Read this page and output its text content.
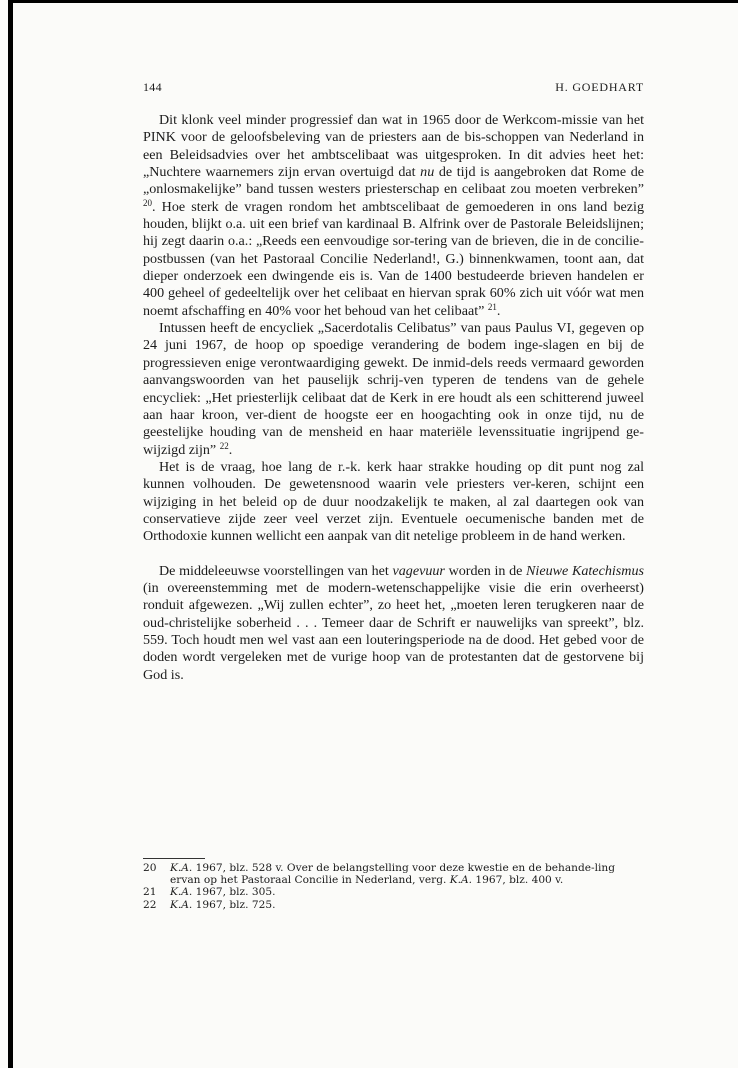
144	H. GOEDHART

Dit klonk veel minder progressief dan wat in 1965 door de Werkcom-missie van het PINK voor de geloofsbeleving van de priesters aan de bis-schoppen van Nederland in een Beleidsadvies over het ambtscelibaat was uitgesproken. In dit advies heet het: „Nuchtere waarnemers zijn ervan overtuigd dat nu de tijd is aangebroken dat Rome de „onlosmakelijke” band tussen westers priesterschap en celibaat zou moeten verbreken” $^{20}$. Hoe sterk de vragen rondom het ambtscelibaat de gemoederen in ons land bezig houden, blijkt o.a. uit een brief van kardinaal B. Alfrink over de Pastorale Beleidslijnen; hij zegt daarin o.a.: „Reeds een eenvoudige sor-tering van de brieven, die in de concilie-postbussen (van het Pastoraal Concilie Nederland!, G.) binnenkwamen, toont aan, dat dieper onderzoek een dwingende eis is. Van de 1400 bestudeerde brieven handelen er 400 geheel of gedeeltelijk over het celibaat en hiervan sprak 60% zich uit vóór wat men noemt afschaffing en 40% voor het behoud van het celibaat” $^{21}$.

Intussen heeft de encycliek „Sacerdotalis Celibatus” van paus Paulus VI, gegeven op 24 juni 1967, de hoop op spoedige verandering de bodem inge-slagen en bij de progressieven enige verontwaardiging gewekt. De inmid-dels reeds vermaard geworden aanvangswoorden van het pauselijk schrij-ven typeren de tendens van de gehele encycliek: „Het priesterlijk celibaat dat de Kerk in ere houdt als een schitterend juweel aan haar kroon, ver-dient de hoogste eer en hoogachting ook in onze tijd, nu de geestelijke houding van de mensheid en haar materiële levenssituatie ingrijpend ge-wijzigd zijn” $^{22}$.

Het is de vraag, hoe lang de r.-k. kerk haar strakke houding op dit punt nog zal kunnen volhouden. De gewetensnood waarin vele priesters ver-keren, schijnt een wijziging in het beleid op de duur noodzakelijk te maken, al zal daartegen ook van conservatieve zijde zeer veel verzet zijn. Eventuele oecumenische banden met de Orthodoxie kunnen wellicht een aanpak van dit netelige probleem in de hand werken.

De middeleeuwse voorstellingen van het vagevuur worden in de Nieuwe Katechismus (in overeenstemming met de modern-wetenschappelijke visie die erin overheerst) ronduit afgewezen. „Wij zullen echter”, zo heet het, „moeten leren terugkeren naar de oud-christelijke soberheid . . . Temeer daar de Schrift er nauwelijks van spreekt”, blz. 559. Toch houdt men wel vast aan een louteringsperiode na de dood. Het gebed voor de doden wordt vergeleken met de vurige hoop van de protestanten dat de gestorvene bij God is.

20 K.A. 1967, blz. 528 v. Over de belangstelling voor deze kwestie en de behande-ling ervan op het Pastoraal Concilie in Nederland, verg. K.A. 1967, blz. 400 v.
21 K.A. 1967, blz. 305.
22 K.A. 1967, blz. 725.
